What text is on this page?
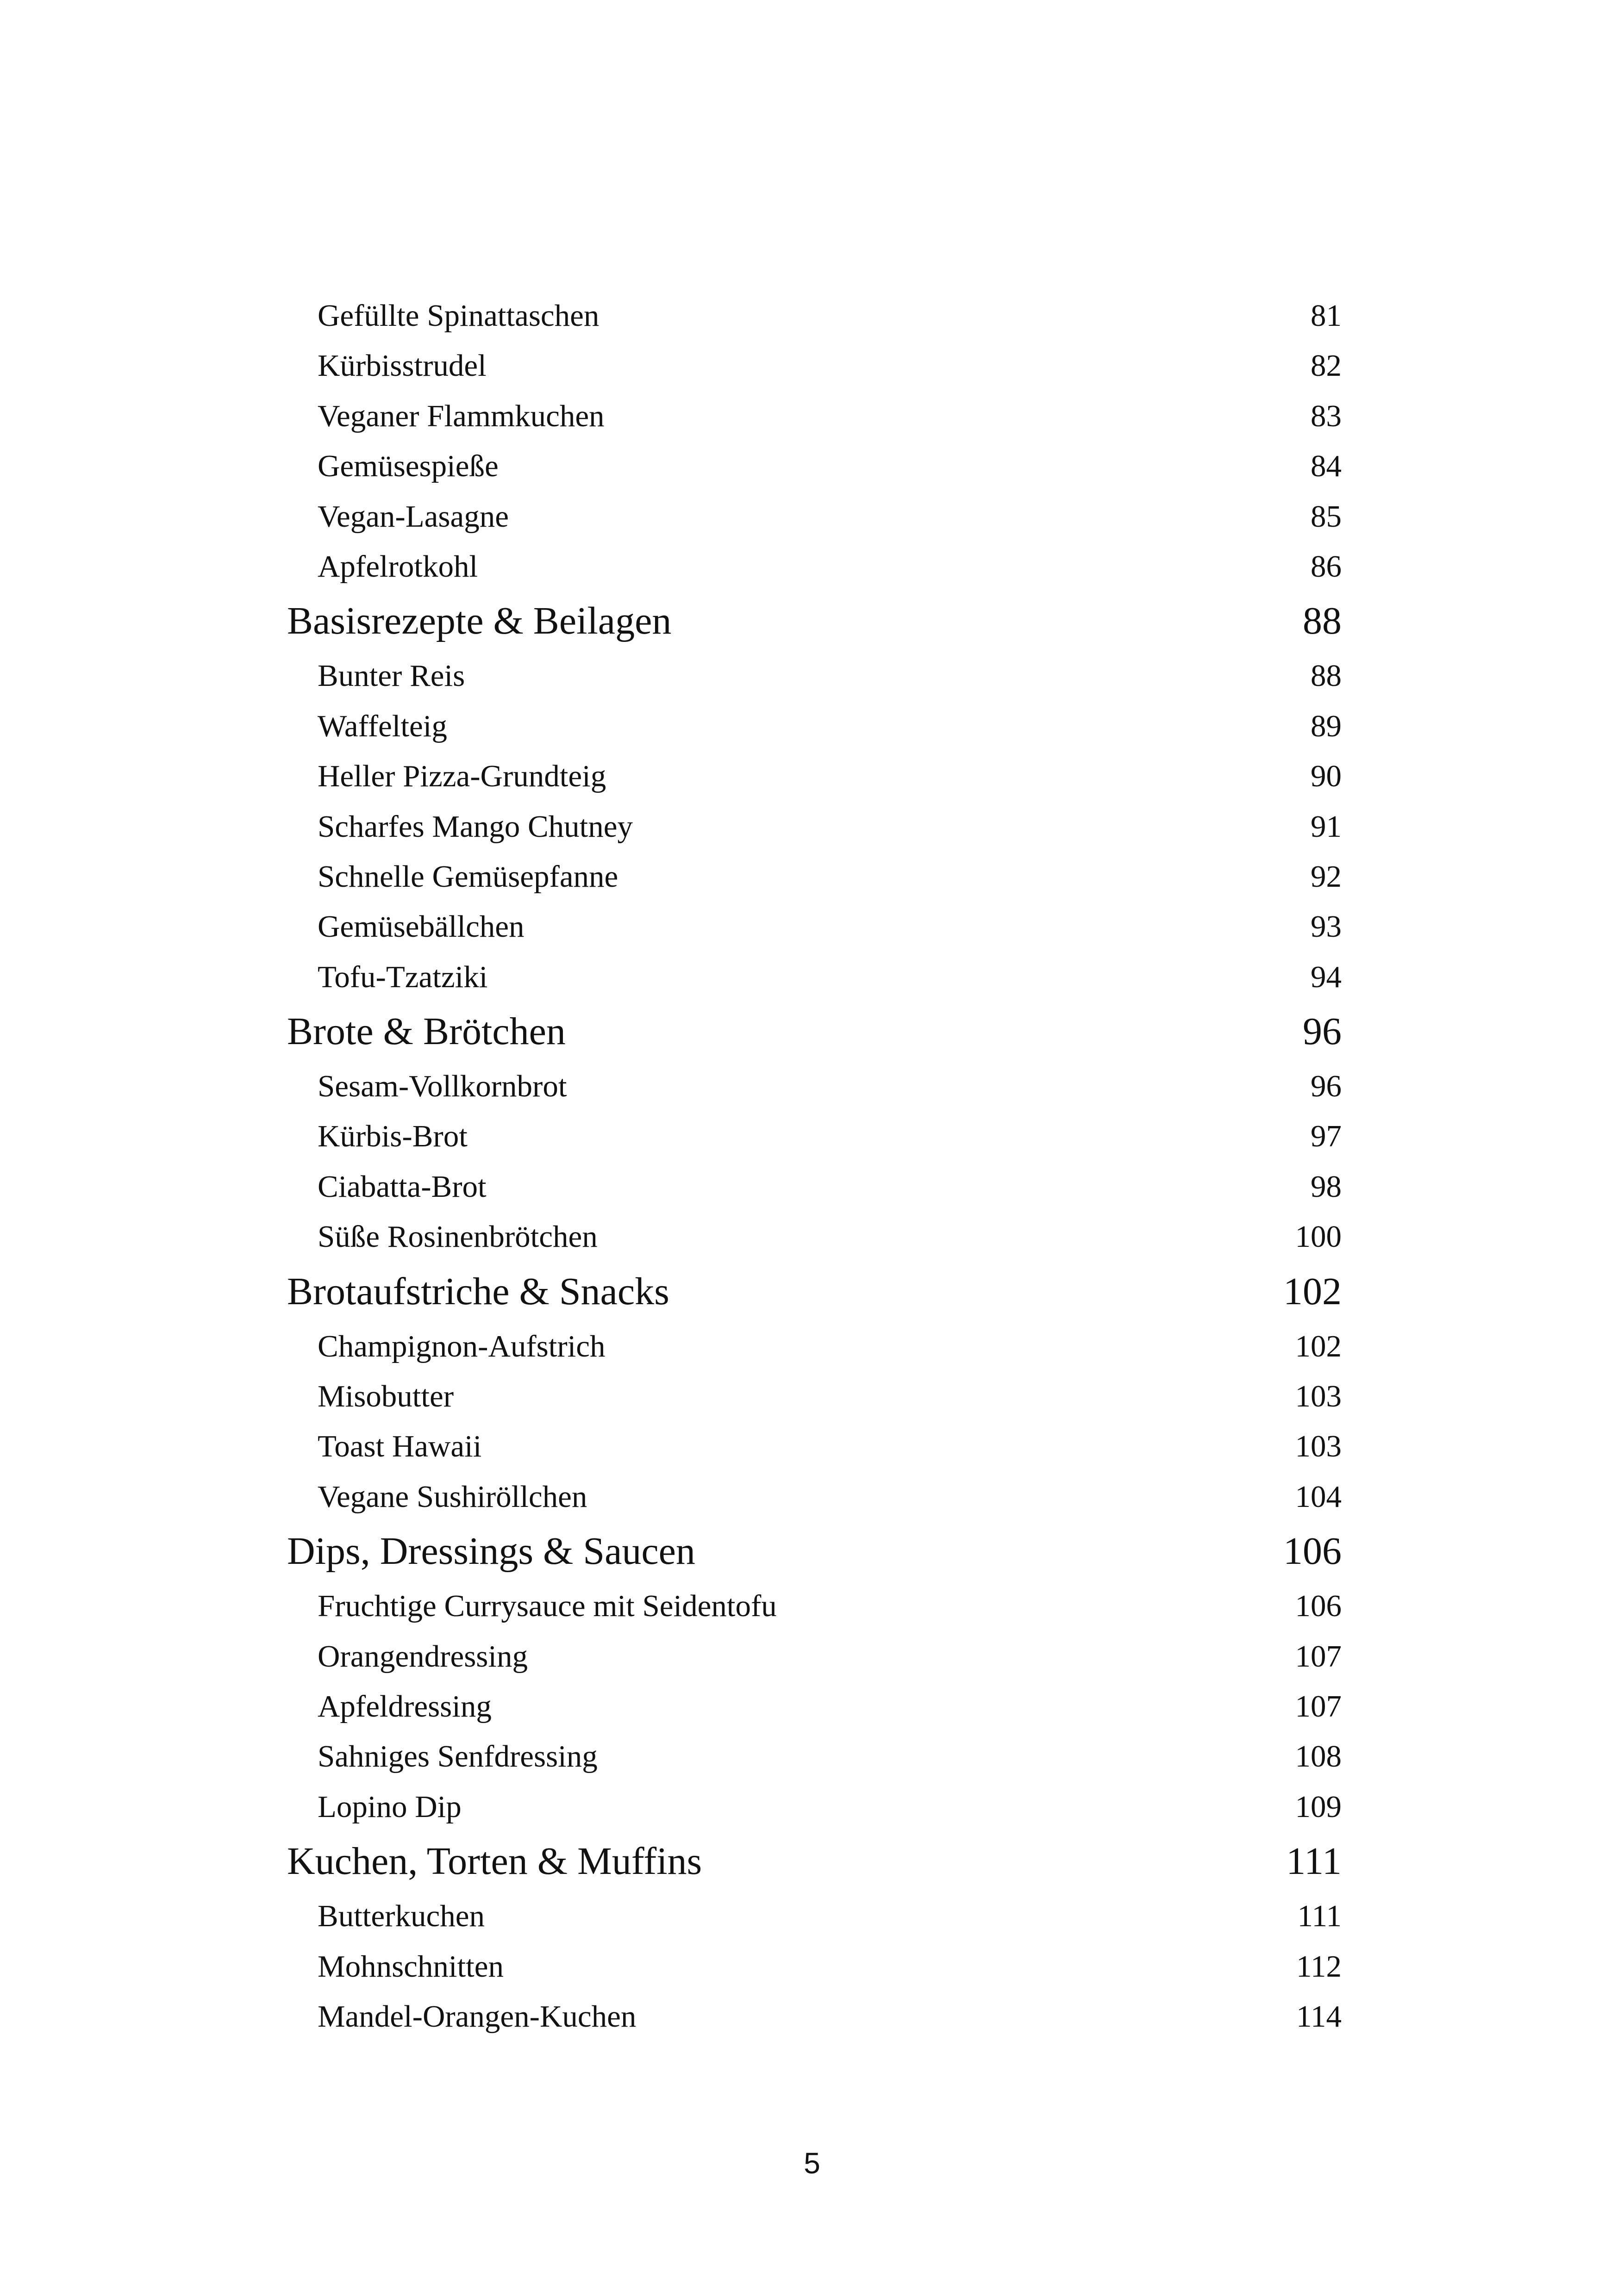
Gefüllte Spinattaschen	81
Kürbisstrudel	82
Veganer Flammkuchen	83
Gemüsespieße	84
Vegan-Lasagne	85
Apfelrotkohl	86
Basisrezepte & Beilagen	88
Bunter Reis	88
Waffelteig	89
Heller Pizza-Grundteig	90
Scharfes Mango Chutney	91
Schnelle Gemüsepfanne	92
Gemüsebällchen	93
Tofu-Tzatziki	94
Brote & Brötchen	96
Sesam-Vollkornbrot	96
Kürbis-Brot	97
Ciabatta-Brot	98
Süße Rosinenbrötchen	100
Brotaufstriche & Snacks	102
Champignon-Aufstrich	102
Misobutter	103
Toast Hawaii	103
Vegane Sushiröllchen	104
Dips, Dressings & Saucen	106
Fruchtige Currysauce mit Seidentofu	106
Orangendressing	107
Apfeldressing	107
Sahniges Senfdressing	108
Lopino Dip	109
Kuchen, Torten & Muffins	111
Butterkuchen	111
Mohnschnitten	112
Mandel-Orangen-Kuchen	114
5
